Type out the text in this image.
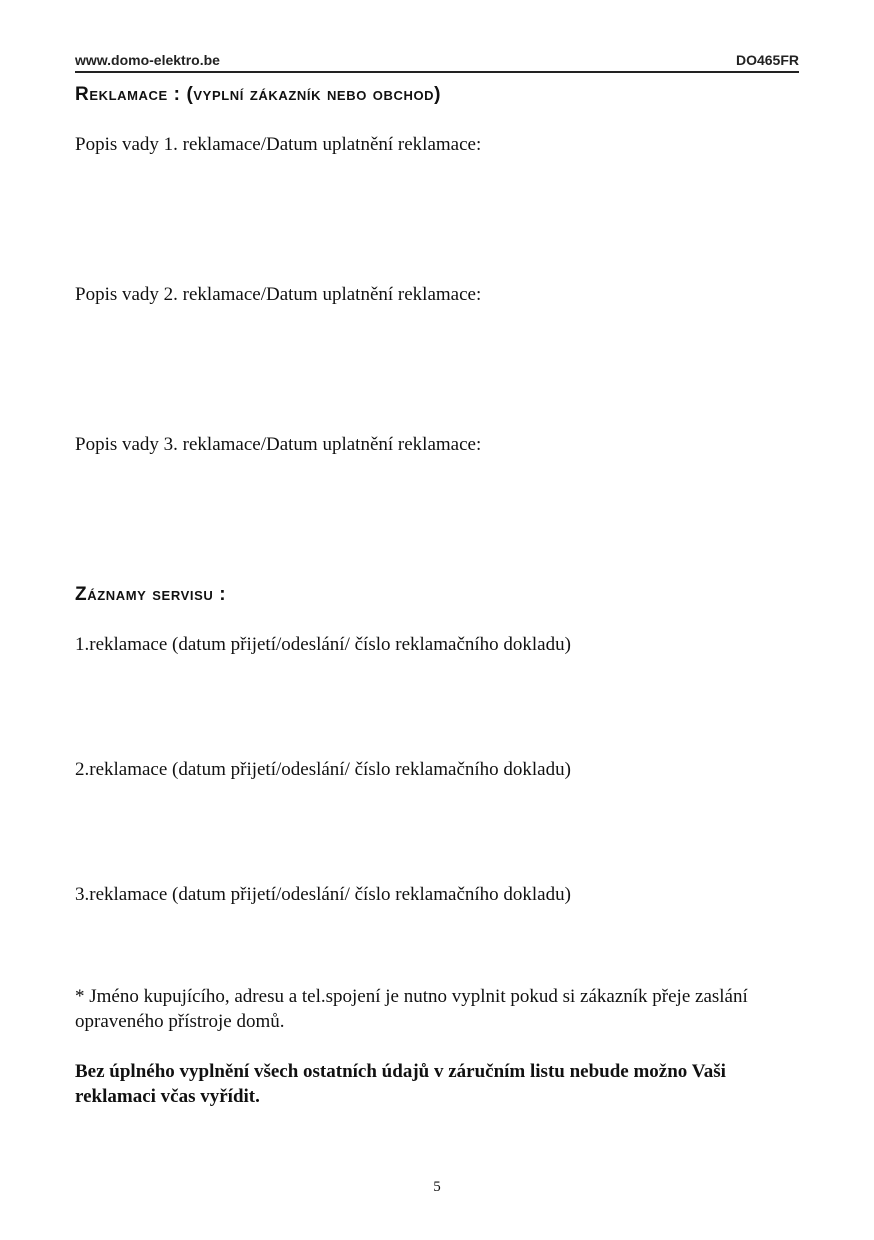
www.domo-elektro.be	DO465FR
Reklamace : (vyplní zákazník nebo obchod)
Popis vady 1. reklamace/Datum uplatnění reklamace:
Popis vady 2. reklamace/Datum uplatnění reklamace:
Popis vady 3. reklamace/Datum uplatnění reklamace:
Záznamy servisu :
1.reklamace (datum přijetí/odeslání/ číslo reklamačního dokladu)
2.reklamace (datum přijetí/odeslání/ číslo reklamačního dokladu)
3.reklamace (datum přijetí/odeslání/ číslo reklamačního dokladu)
* Jméno kupujícího, adresu a tel.spojení je nutno vyplnit pokud si zákazník přeje zaslání opraveného přístroje domů.
Bez úplného vyplnění všech ostatních údajů v záručním listu nebude možno Vaši reklamaci včas vyřídit.
5
